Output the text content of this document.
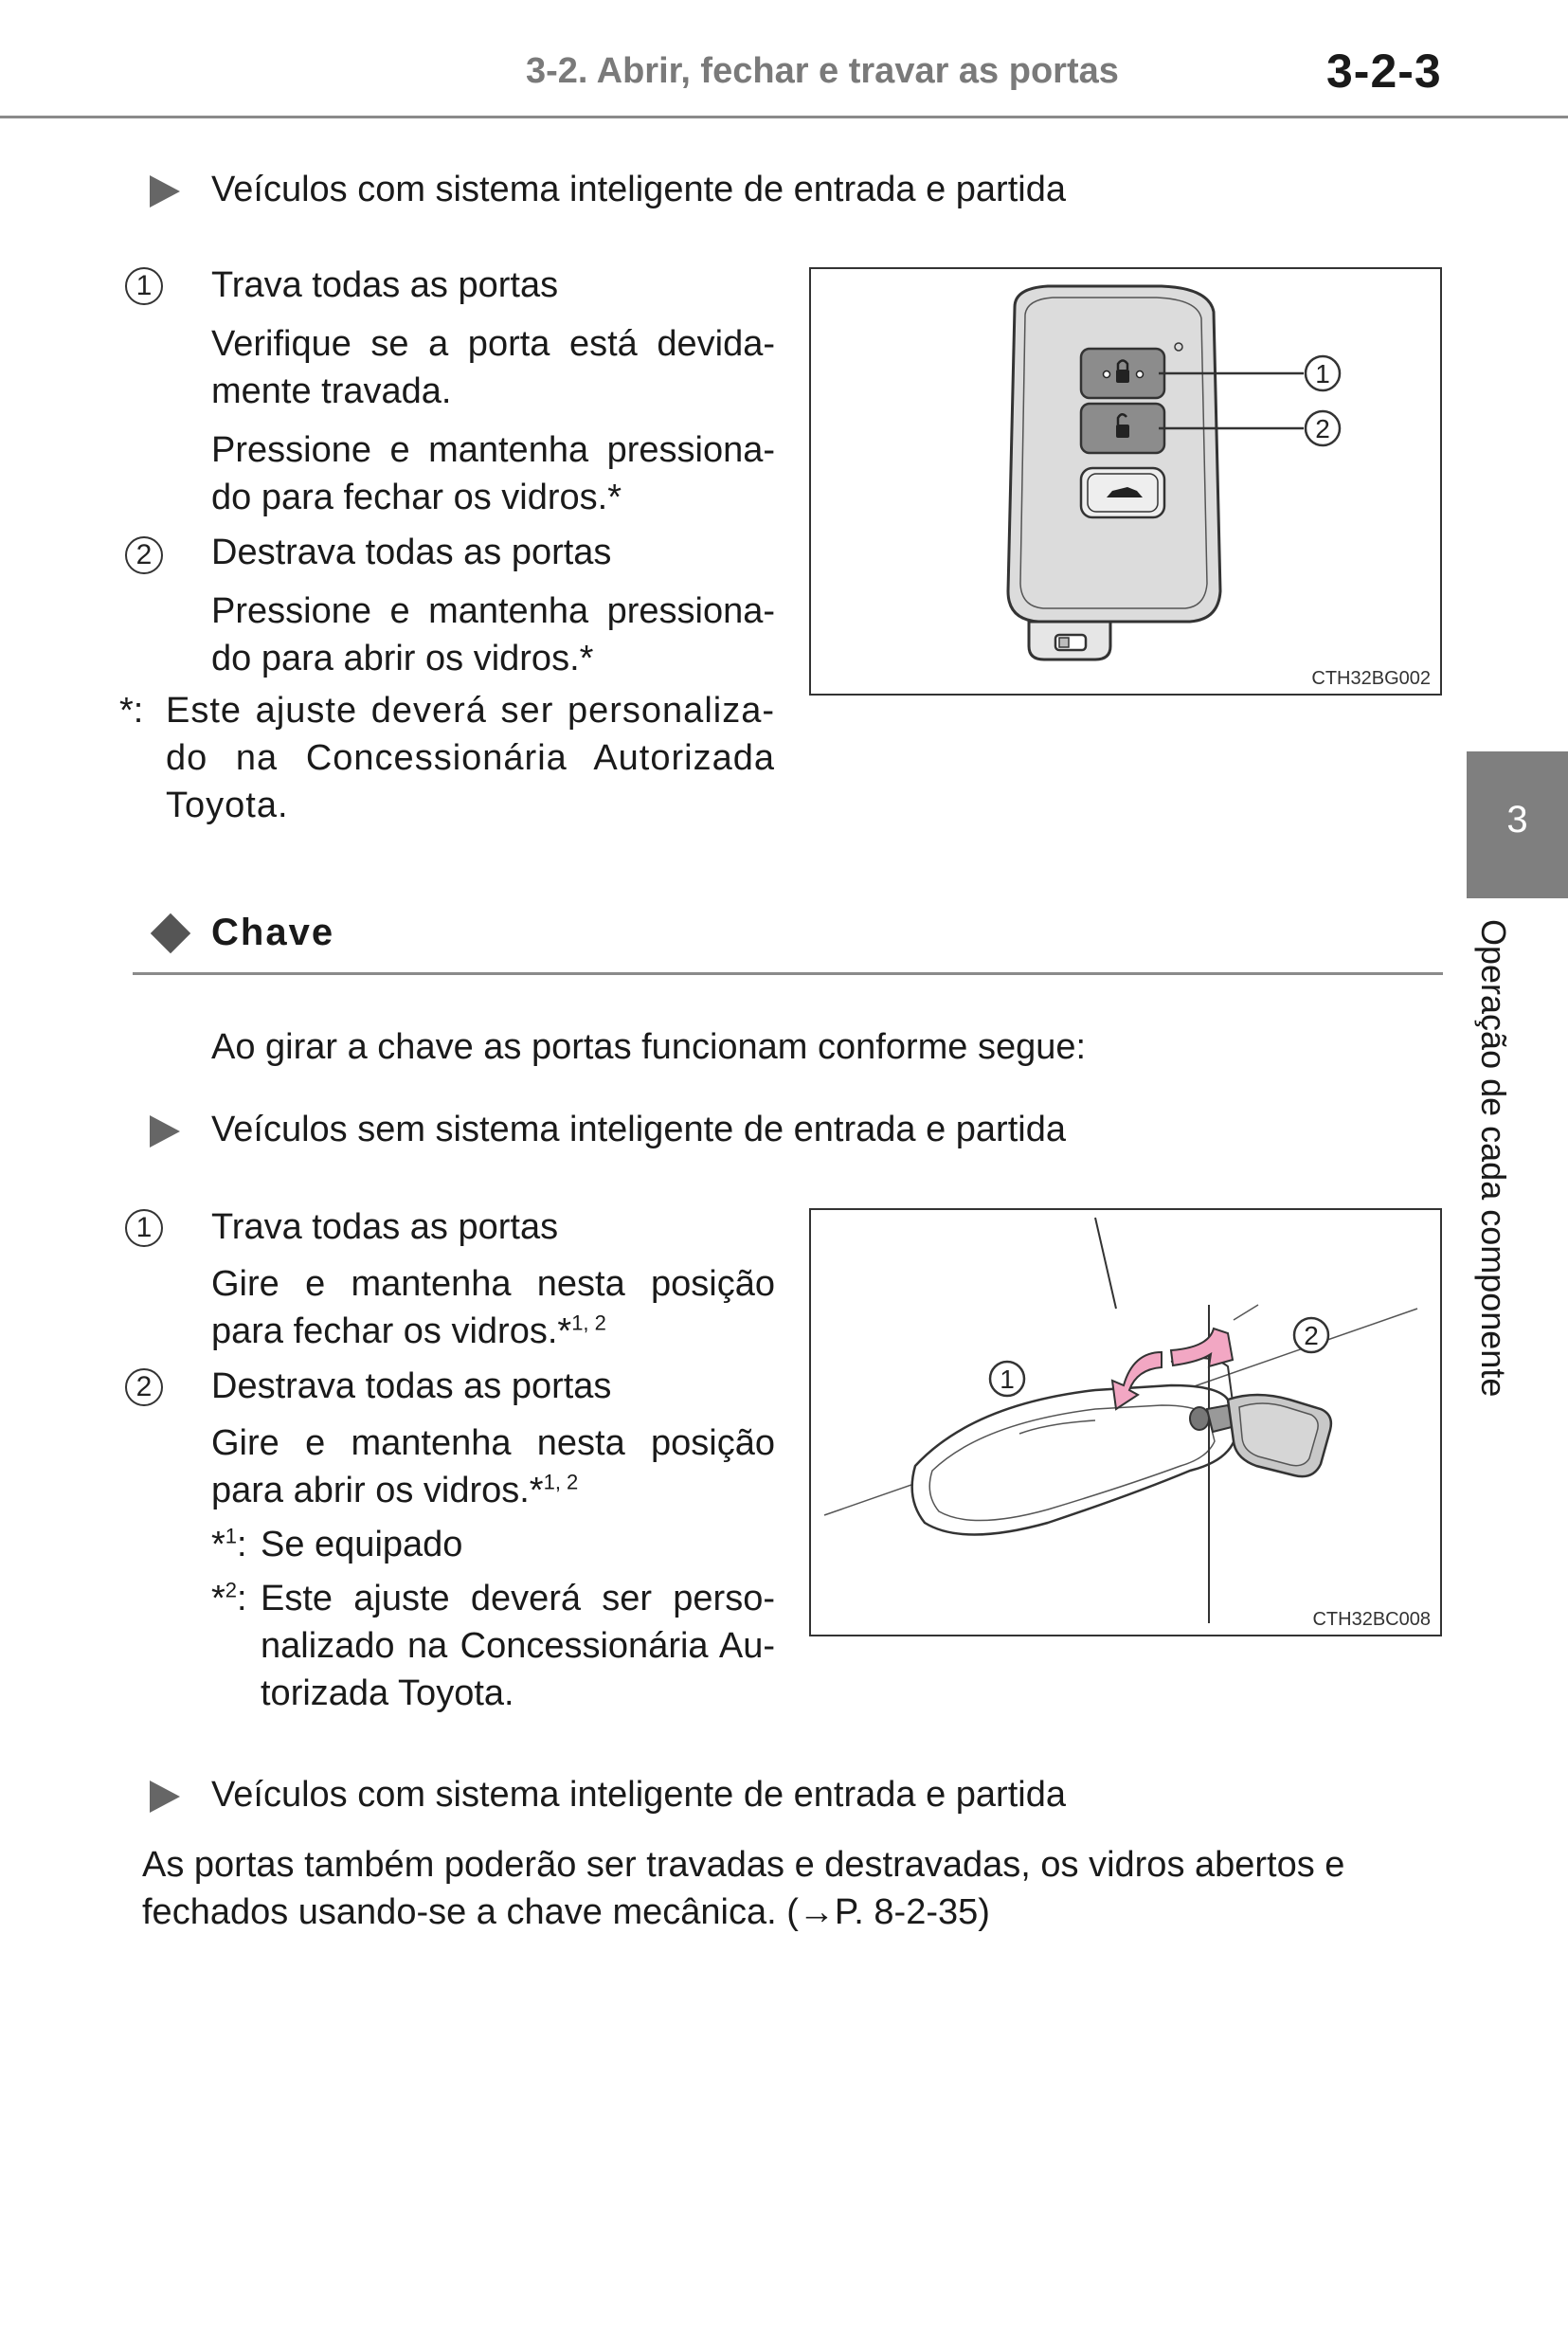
3-2. Abrir, fechar e travar as portas	3-2-3
3
Operação de cada componente
Veículos com sistema inteligente de entrada e partida
1	Trava todas as portas
Verifique se a porta está devida-mente travada.
Pressione e mantenha pressiona-do para fechar os vidros.*
2	Destrava todas as portas
Pressione e mantenha pressiona-do para abrir os vidros.*
*: Este ajuste deverá ser personaliza-do na Concessionária Autorizada Toyota.
1
2
CTH32BG002
Chave
Ao girar a chave as portas funcionam conforme segue:
Veículos sem sistema inteligente de entrada e partida
1	Trava todas as portas
Gire e mantenha nesta posição para fechar os vidros.*$^{1, 2}$
2	Destrava todas as portas
Gire e mantenha nesta posição para abrir os vidros.*$^{1, 2}$
*$^1$: Se equipado
*$^2$: Este ajuste deverá ser perso-nalizado na Concessionária Au-torizada Toyota.
1
2
CTH32BC008
Veículos com sistema inteligente de entrada e partida
As portas também poderão ser travadas e destravadas, os vidros abertos e fechados usando-se a chave mecânica. (→P. 8-2-35)
